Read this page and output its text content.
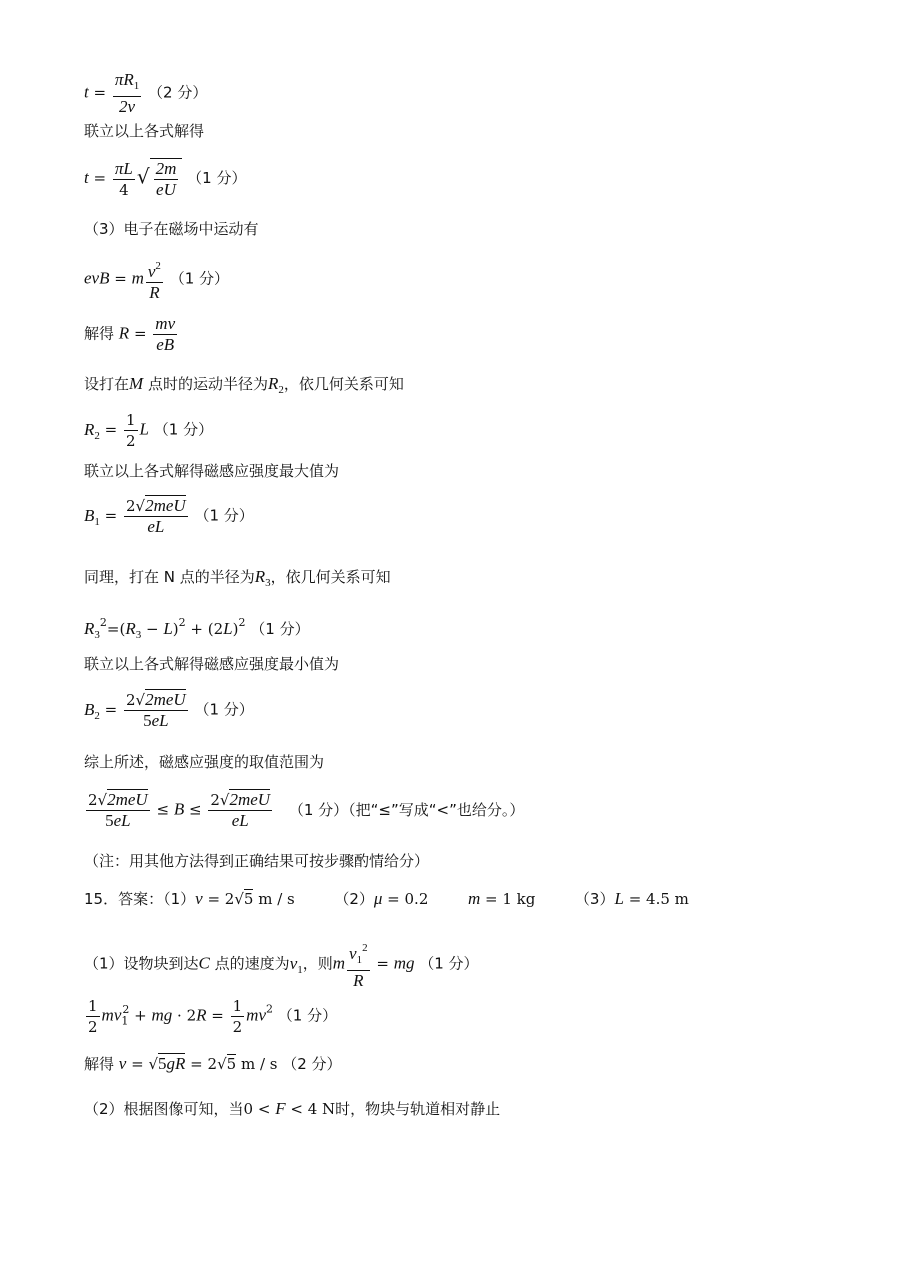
$t = \frac{\pi R_1}{2v} (2$ 分）
联立以上各式解得
$t = \frac{\pi L}{4}$ √ $\frac{2m}{eU} (1$ 分）
（3）电子在磁场中运动有
evB = m $\frac{v^2}{R} (1$ 分）
解得 $R = \frac{mv}{eB}$
设打在M 点时的运动半径为$R_2$，依几何关系可知
$R_2 = \frac{1}{2}$ L （1 分）
联立以上各式解得磁感应强度最大值为
$B_1 = \frac{\text{2√2meU}}{eL} (1$ 分）
同理，打在 N 点的半径为$R_3$，依几何关系可知
$R_3^2=(R_3 - L)^2 + (2L)^2$ （1 分）
联立以上各式解得磁感应强度最小值为
$B_2 = \frac{\text{2√2meU}}{5eL} (1$ 分）
综上所述，磁感应强度的取值范围为
$\frac{\text{2√2meU}}{5eL} \le B \le \frac{\text{2√2meU}}{eL} (1$ 分）（把“≤”写成“<”也给分。）
（注：用其他方法得到正确结果可按步骤酌情给分）
15．答案：（1）v = 2√5 m / s	（2）μ = 0.2 m = 1 kg	（3）L = 4.5 m
（1）设物块到达C 点的速度为$v_1$，则m $\frac{v_1^2}{R}$ = mg （1 分）
$\frac{1}{2} mv_1^2$ + mg · $2R = \frac{1}{2} mv^2$ （1 分）
解得 v = √5gR = 2√5 m / s （2 分）
（2）根据图像可知，当0 < F < 4 N时，物块与轨道相对静止
